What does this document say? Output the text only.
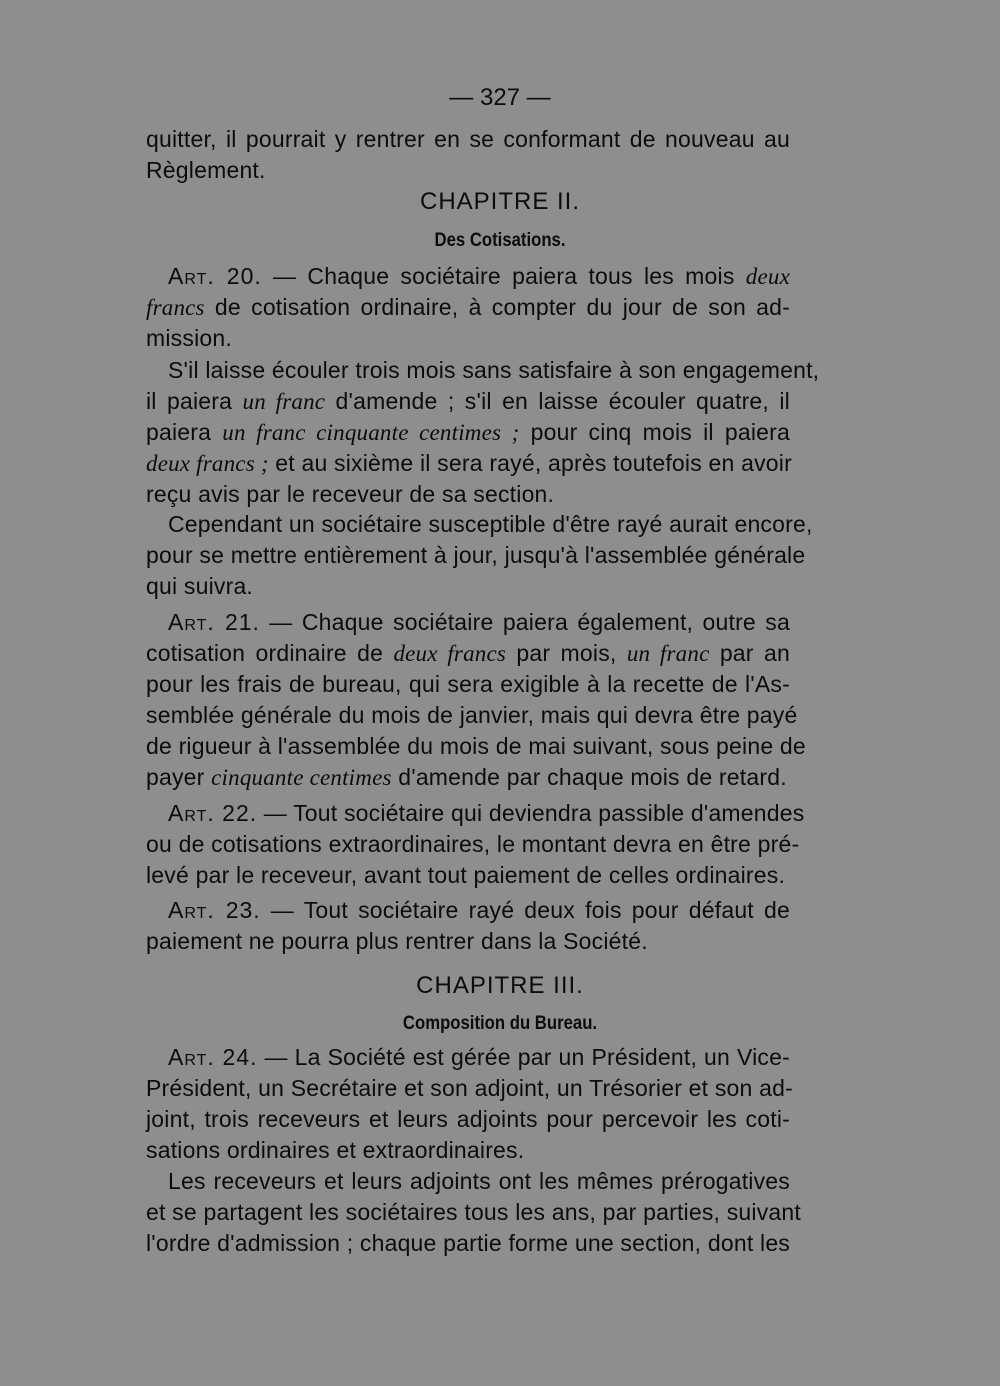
— 327 —
quitter, il pourrait y rentrer en se conformant de nouveau au
Règlement.
CHAPITRE II.
Des Cotisations.
Art. 20. — Chaque sociétaire paiera tous les mois deux
francs de cotisation ordinaire, à compter du jour de son ad-
mission.
S'il laisse écouler trois mois sans satisfaire à son engagement,
il paiera un franc d'amende ; s'il en laisse écouler quatre, il
paiera un franc cinquante centimes ; pour cinq mois il paiera
deux francs ; et au sixième il sera rayé, après toutefois en avoir
reçu avis par le receveur de sa section.
Cependant un sociétaire susceptible d'être rayé aurait encore,
pour se mettre entièrement à jour, jusqu'à l'assemblée générale
qui suivra.
Art. 21. — Chaque sociétaire paiera également, outre sa
cotisation ordinaire de deux francs par mois, un franc par an
pour les frais de bureau, qui sera exigible à la recette de l'As-
semblée générale du mois de janvier, mais qui devra être payé
de rigueur à l'assemblée du mois de mai suivant, sous peine de
payer cinquante centimes d'amende par chaque mois de retard.
Art. 22. — Tout sociétaire qui deviendra passible d'amendes
ou de cotisations extraordinaires, le montant devra en être pré-
levé par le receveur, avant tout paiement de celles ordinaires.
Art. 23. — Tout sociétaire rayé deux fois pour défaut de
paiement ne pourra plus rentrer dans la Société.
CHAPITRE III.
Composition du Bureau.
Art. 24. — La Société est gérée par un Président, un Vice-
Président, un Secrétaire et son adjoint, un Trésorier et son ad-
joint, trois receveurs et leurs adjoints pour percevoir les coti-
sations ordinaires et extraordinaires.
Les receveurs et leurs adjoints ont les mêmes prérogatives
et se partagent les sociétaires tous les ans, par parties, suivant
l'ordre d'admission ; chaque partie forme une section, dont les
